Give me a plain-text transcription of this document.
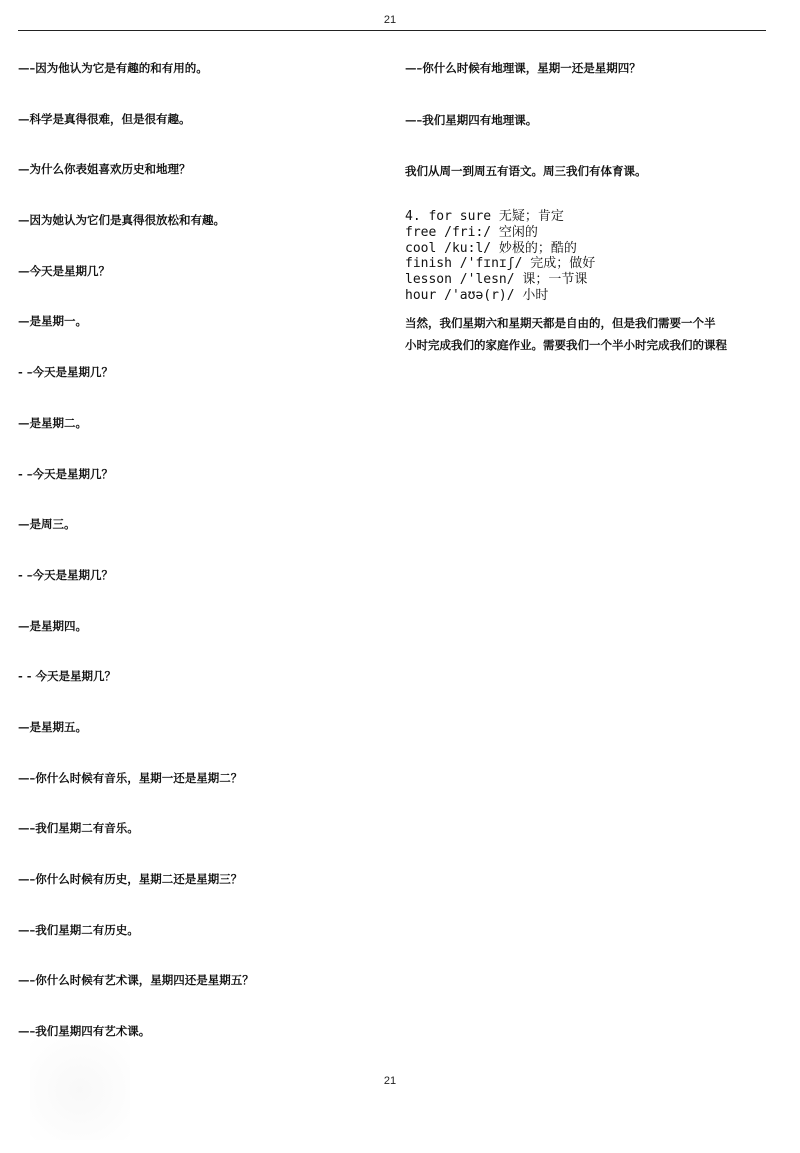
21
—–因为他认为它是有趣的和有用的。
—科学是真得很难，但是很有趣。
—为什么你表姐喜欢历史和地理？
—因为她认为它们是真得很放松和有趣。
—今天是星期几？
—是星期一。
- –今天是星期几？
—是星期二。
- –今天是星期几？
—是周三。
- –今天是星期几？
—是星期四。
- - 今天是星期几？
—是星期五。
—–你什么时候有音乐，星期一还是星期二？
—–我们星期二有音乐。
—–你什么时候有历史，星期二还是星期三？
—–我们星期二有历史。
—–你什么时候有艺术课，星期四还是星期五？
—–我们星期四有艺术课。
—–你什么时候有地理课，星期一还是星期四？
—–我们星期四有地理课。
我们从周一到周五有语文。周三我们有体育课。
4. for sure 无疑；肯定
free /fri:/ 空闲的
cool /ku:l/ 妙极的；酷的
finish /'fɪnɪʃ/ 完成；做好
lesson /'lesn/ 课；一节课
hour /'aʊə(r)/ 小时

当然，我们星期六和星期天都是自由的，但是我们需要一个半

小时完成我们的家庭作业。需要我们一个半小时完成我们的课程

21
